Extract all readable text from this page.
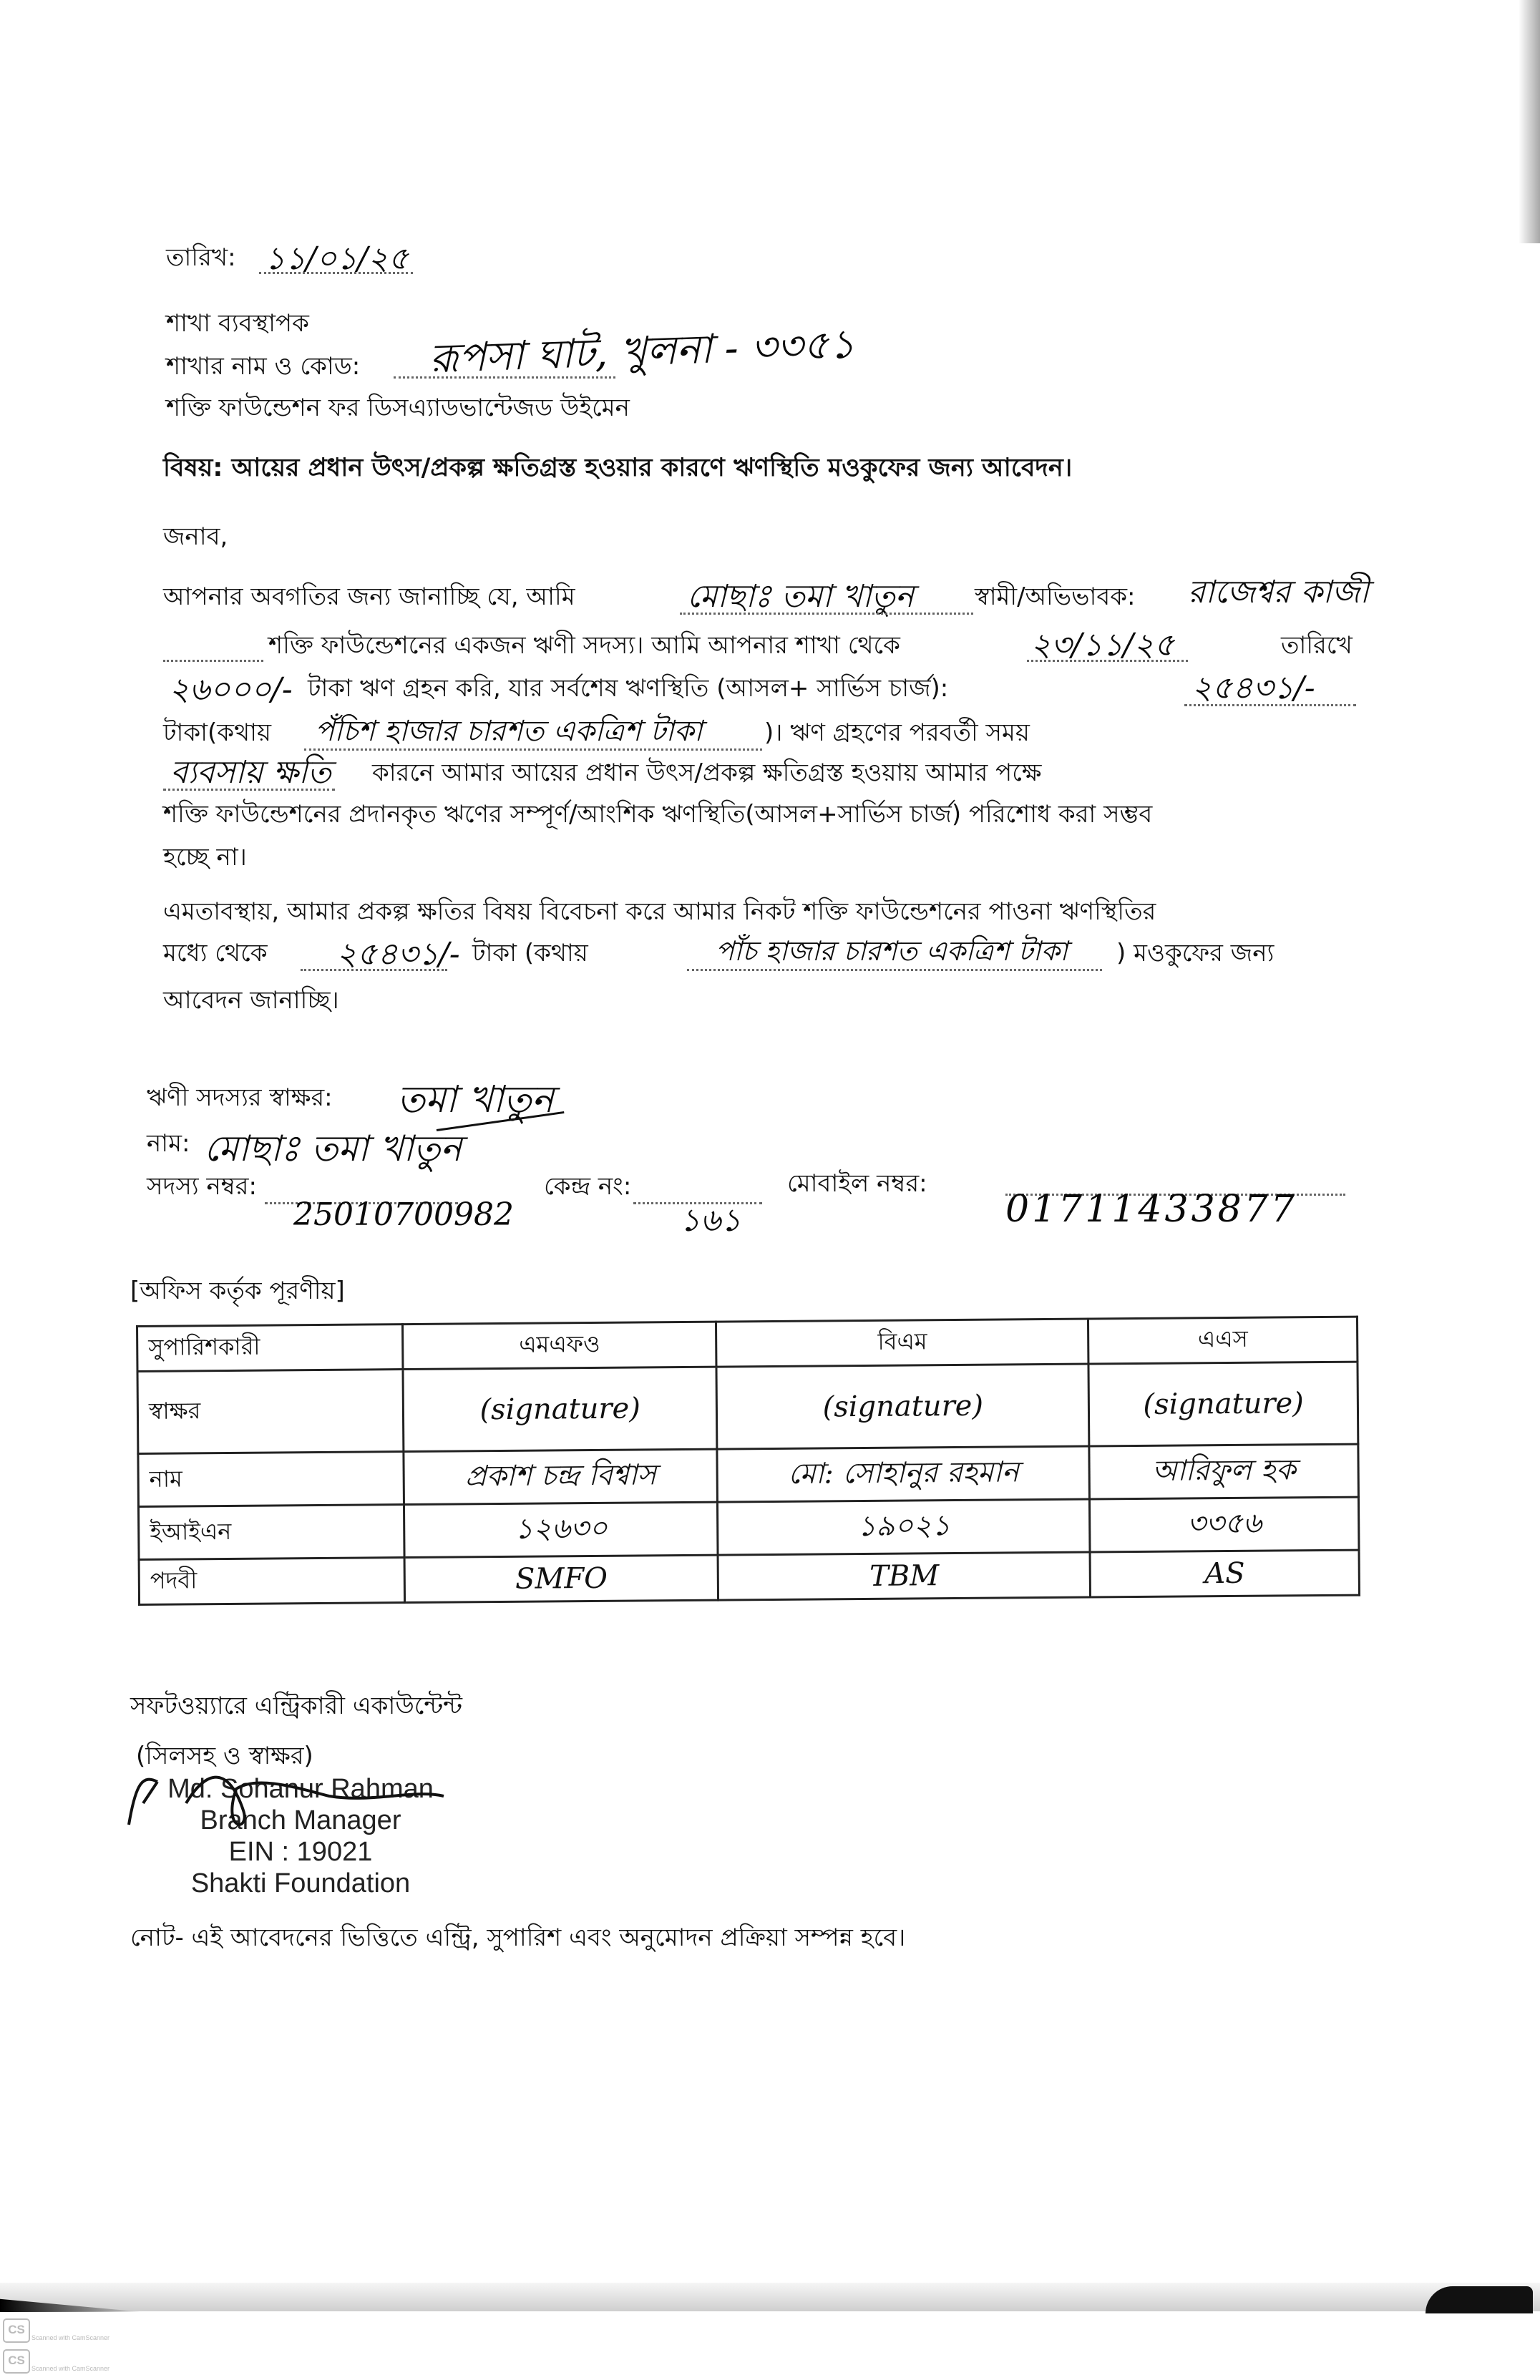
তারিখ: ১১/০১/২৫
শাখা ব্যবস্থাপক
শাখার নাম ও কোড: রূপসা ঘাট, খুলনা - ৩৩৫১
শক্তি ফাউন্ডেশন ফর ডিসএ্যাডভান্টেজড উইমেন
বিষয়: আয়ের প্রধান উৎস/প্রকল্প ক্ষতিগ্রস্ত হওয়ার কারণে ঋণস্থিতি মওকুফের জন্য আবেদন।
জনাব,
আপনার অবগতির জন্য জানাচ্ছি যে, আমি	মোছাঃ তমা খাতুন স্বামী/অভিভাবক: রাজেশ্বর কাজী
শক্তি ফাউন্ডেশনের একজন ঋণী সদস্য। আমি আপনার শাখা থেকে	২৩/১১/২৫	তারিখে
২৬০০০/- টাকা ঋণ গ্রহন করি, যার সর্বশেষ ঋণস্থিতি (আসল+ সার্ভিস চার্জ):	২৫৪৩১/-
টাকা(কথায় পঁচিশ হাজার চারশত একত্রিশ টাকা	)। ঋণ গ্রহণের পরবর্তী সময়
ব্যবসায় ক্ষতি কারনে আমার আয়ের প্রধান উৎস/প্রকল্প ক্ষতিগ্রস্ত হওয়ায় আমার পক্ষে
শক্তি ফাউন্ডেশনের প্রদানকৃত ঋণের সম্পূর্ণ/আংশিক ঋণস্থিতি(আসল+সার্ভিস চার্জ) পরিশোধ করা সম্ভব
হচ্ছে না।
এমতাবস্থায়, আমার প্রকল্প ক্ষতির বিষয় বিবেচনা করে আমার নিকট শক্তি ফাউন্ডেশনের পাওনা ঋণস্থিতির
মধ্যে থেকে ২৫৪৩১/- টাকা (কথায়	পাঁচ হাজার চারশত একত্রিশ টাকা ) মওকুফের জন্য
আবেদন জানাচ্ছি।
ঋণী সদস্যর স্বাক্ষর: তমা খাতুন
নাম: মোছাঃ তমা খাতুন
সদস্য নম্বর:
25010700982
কেন্দ্র নং:
১৬১
মোবাইল নম্বর:
01711433877
[অফিস কর্তৃক পূরণীয়]
সুপারিশকারী	এমএফও	বিএম	এএস
স্বাক্ষর	(signature)	(signature)	(signature)
নাম	প্রকাশ চন্দ্র বিশ্বাস	মো: সোহানুর রহমান	আরিফুল হক
ইআইএন	১২৬৩০	১৯০২১	৩৩৫৬
পদবী	SMFO	TBM	AS
সফটওয়্যারে এন্ট্রিকারী একাউন্টেন্ট
(সিলসহ ও স্বাক্ষর)
Md. Sohanur Rahman
Branch Manager
EIN : 19021
Shakti Foundation
নোট- এই আবেদনের ভিত্তিতে এন্ট্রি, সুপারিশ এবং অনুমোদন প্রক্রিয়া সম্পন্ন হবে।
CS
Scanned with CamScanner
CS
Scanned with CamScanner
